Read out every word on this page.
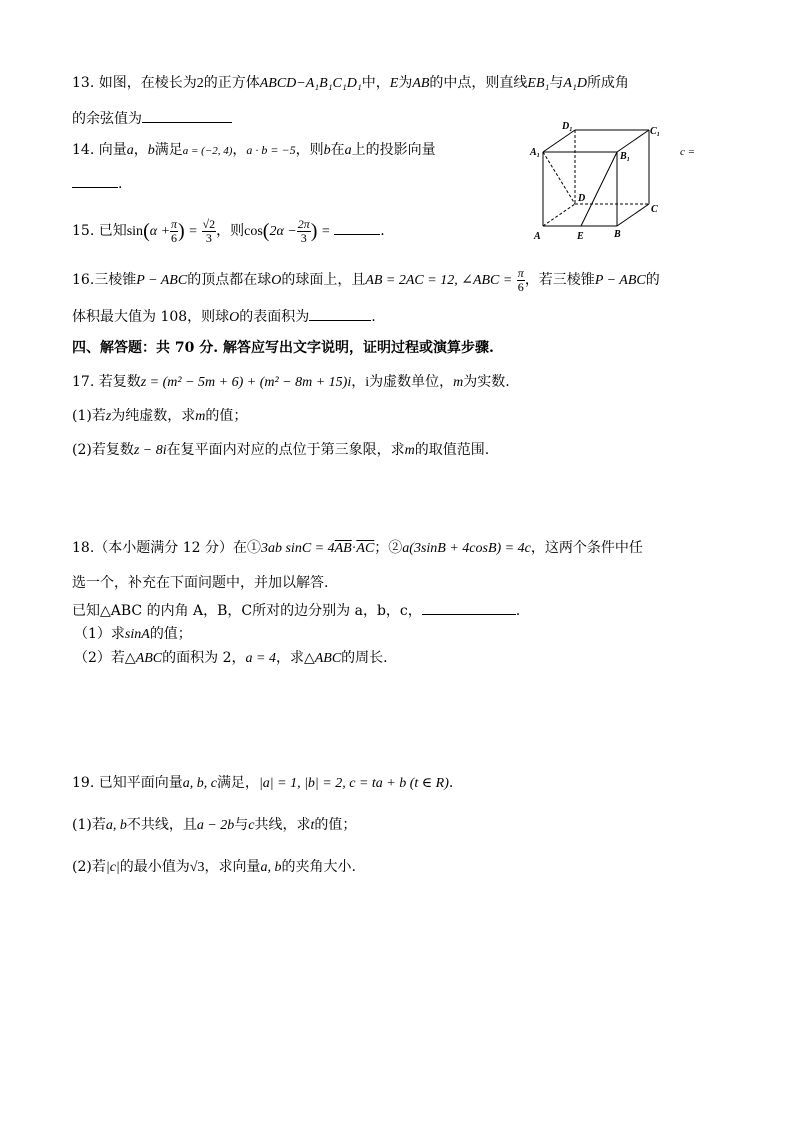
13. 如图，在棱长为2的正方体ABCD−A₁B₁C₁D₁中，E为AB的中点，则直线EB₁与A₁D所成角
的余弦值为
14. 向量a，b满足a = (−2, 4)，a · b = −5，则b在a上的投影向量	c =
.
15. 已知$\sin(\alpha + \frac{\pi}{6}$ ) = $\frac{√2}{3}$ ，则$\cos(2\alpha - \frac{2\pi}{3}$ ) =	.	A	E	B
C
D
A₁	B₁
C₁
D₁
16.三棱锥P − ABC的顶点都在球O的球面上，且AB = 2AC = 12, ∠ABC = $\frac{\pi}{6}$ ，若三棱锥P − ABC的
体积最大值为 108，则球O的表面积为	.
四、解答题：共 70 分. 解答应写出文字说明，证明过程或演算步骤.
17. 若复数z = (m² − 5m + 6) + (m² − 8m + 15)i，i为虚数单位，m为实数.
(1)若z为纯虚数，求m的值；
(2)若复数z − 8i在复平面内对应的点位于第三象限，求m的取值范围.
18.（本小题满分 12 分）在①3ab $\sin C = 4\overline{AB}\cdot\overline{AC}$；②a(3sinB + 4cosB) = 4c，这两个条件中任
选一个，补充在下面问题中，并加以解答.
已知△ABC 的内角 A，B，C所对的边分别为 a，b，c，	.
（1）求sinA的值；
（2）若△ABC的面积为 2，a = 4，求△ABC的周长.
19. 已知平面向量a, b, c满足，|a| = 1, |b| = 2, c = ta + b (t ∈ R).
(1)若a, b不共线，且a − 2b与c共线，求t的值；
(2)若|c|的最小值为√3，求向量a, b的夹角大小.
